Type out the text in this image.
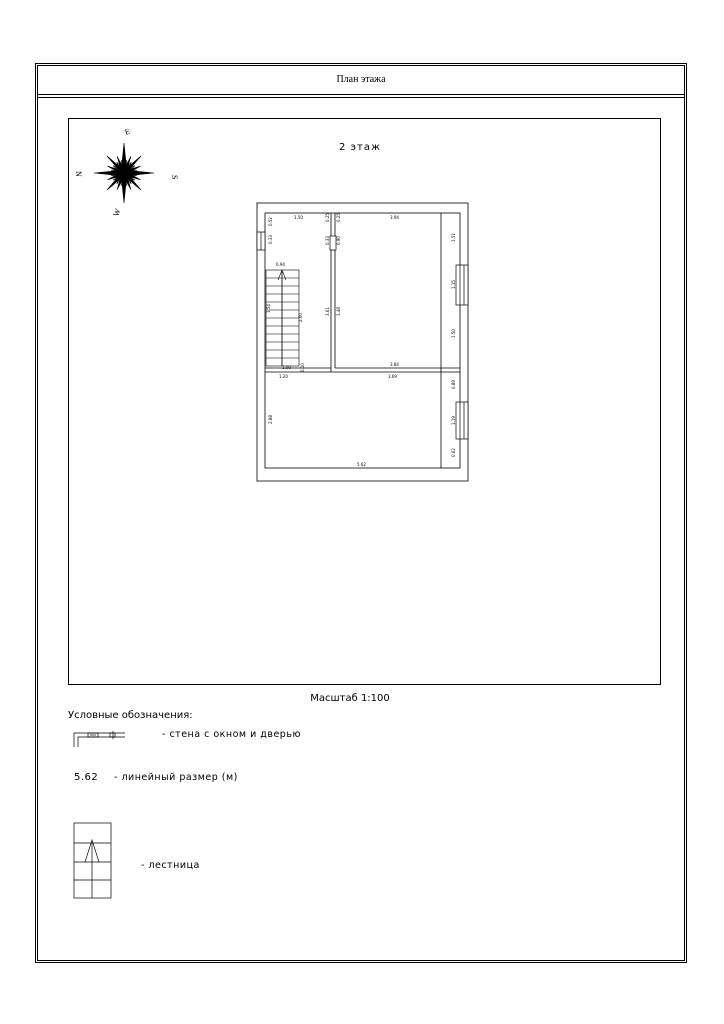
План этажа
2 этаж
N
E
S
W	1.50
0.52
0.33
0.25 0.25
0.33 0.90
3.94
1.51
1.15
1.50
3.61 3.48
0.94
1.54
2.00
1.00 0.10
1.20
3.84
3.69
0.89
1.19
0.62
2.88
5.62
Масштаб 1:100
Условные обозначения:
- стена с окном и дверью
5.62 - линейный размер (м)
- лестница
